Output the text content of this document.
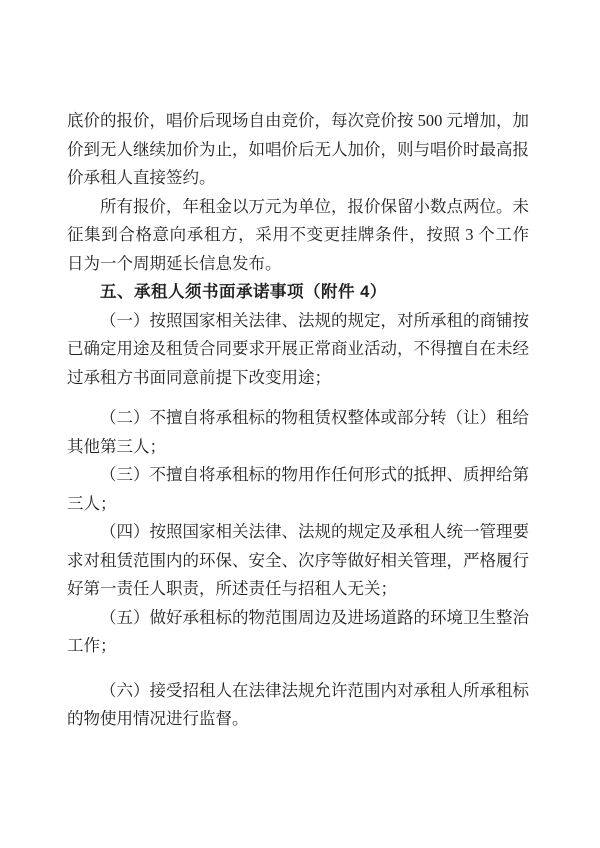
底价的报价，唱价后现场自由竞价，每次竞价按 500 元增加，加
价到无人继续加价为止，如唱价后无人加价，则与唱价时最高报
价承租人直接签约。
所有报价，年租金以万元为单位，报价保留小数点两位。未
征集到合格意向承租方，采用不变更挂牌条件，按照 3 个工作
日为一个周期延长信息发布。
五、承租人须书面承诺事项（附件 4）
（一）按照国家相关法律、法规的规定，对所承租的商铺按
已确定用途及租赁合同要求开展正常商业活动，不得擅自在未经
过承租方书面同意前提下改变用途；
（二）不擅自将承租标的物租赁权整体或部分转（让）租给
其他第三人；
（三）不擅自将承租标的物用作任何形式的抵押、质押给第
三人；
（四）按照国家相关法律、法规的规定及承租人统一管理要
求对租赁范围内的环保、安全、次序等做好相关管理，严格履行
好第一责任人职责，所述责任与招租人无关；
（五）做好承租标的物范围周边及进场道路的环境卫生整治
工作；
（六）接受招租人在法律法规允许范围内对承租人所承租标
的物使用情况进行监督。
